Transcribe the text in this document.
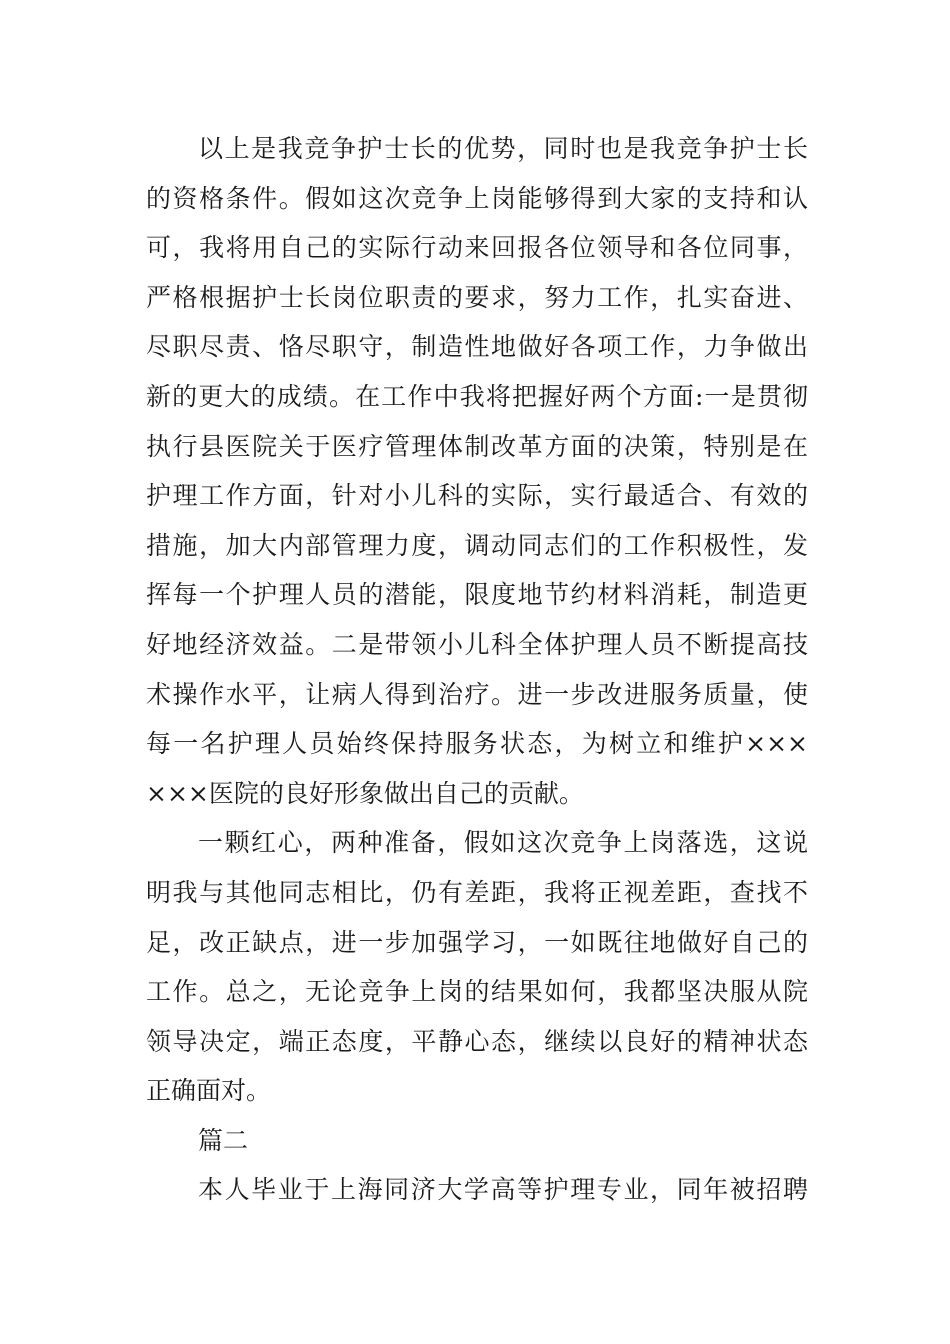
以上是我竞争护士长的优势，同时也是我竞争护士长
的资格条件。假如这次竞争上岗能够得到大家的支持和认
可，我将用自己的实际行动来回报各位领导和各位同事，
严格根据护士长岗位职责的要求，努力工作，扎实奋进、
尽职尽责、恪尽职守，制造性地做好各项工作，力争做出
新的更大的成绩。在工作中我将把握好两个方面:一是贯彻
执行县医院关于医疗管理体制改革方面的决策，特别是在
护理工作方面，针对小儿科的实际，实行最适合、有效的
措施，加大内部管理力度，调动同志们的工作积极性，发
挥每一个护理人员的潜能，限度地节约材料消耗，制造更
好地经济效益。二是带领小儿科全体护理人员不断提高技
术操作水平，让病人得到治疗。进一步改进服务质量，使
每一名护理人员始终保持服务状态，为树立和维护×××
×××医院的良好形象做出自己的贡献。
一颗红心，两种准备，假如这次竞争上岗落选，这说
明我与其他同志相比，仍有差距，我将正视差距，查找不
足，改正缺点，进一步加强学习，一如既往地做好自己的
工作。总之，无论竞争上岗的结果如何，我都坚决服从院
领导决定，端正态度，平静心态，继续以良好的精神状态
正确面对。
篇二
本人毕业于上海同济大学高等护理专业，同年被招聘
